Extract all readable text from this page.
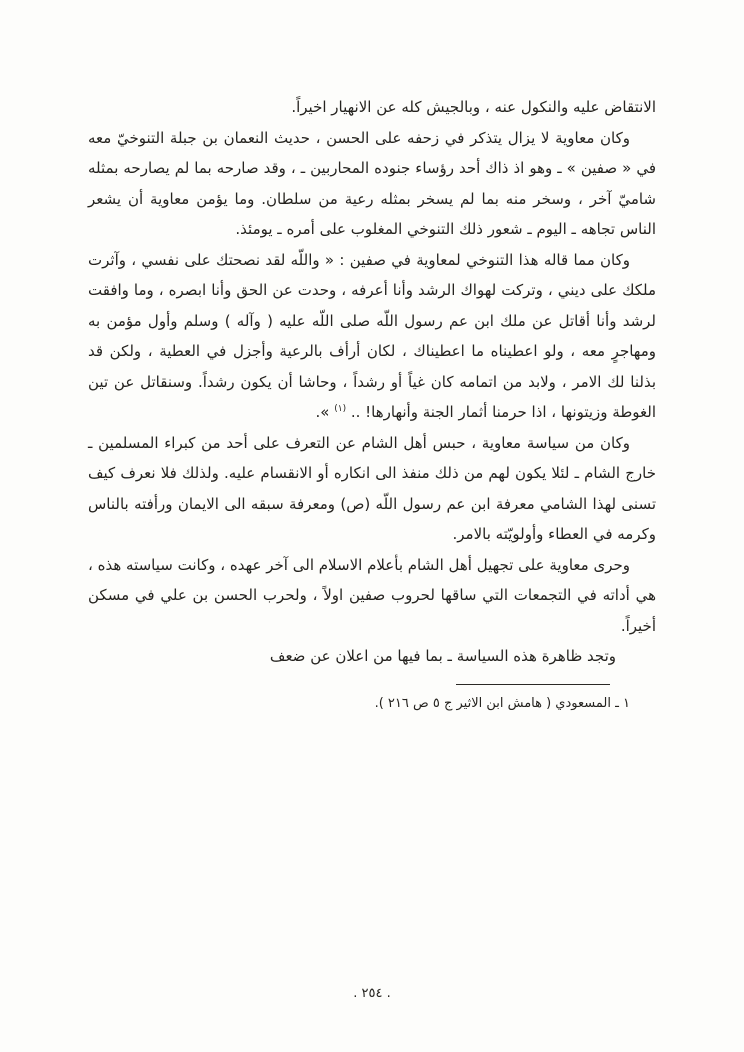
الانتقاض عليه والنكول عنه ، وبالجيش كله عن الانهيار اخيراً.

وكان معاوية لا يزال يتذكر في زحفه على الحسن ، حديث النعمان بن جبلة التنوخيّ معه في « صفين » ـ وهو اذ ذاك أحد رؤساء جنوده المحاربين ـ ، وقد صارحه بما لم يصارحه بمثله شاميّ آخر ، وسخر منه بما لم يسخر بمثله رعية من سلطان. وما يؤمن معاوية أن يشعر الناس تجاهه ـ اليوم ـ شعور ذلك التنوخي المغلوب على أمره ـ يومئذ.

وكان مما قاله هذا التنوخي لمعاوية في صفين : « واللّه لقد نصحتك على نفسي ، وآثرت ملكك على ديني ، وتركت لهواك الرشد وأنا أعرفه ، وحدت عن الحق وأنا ابصره ، وما وافقت لرشد وأنا أقاتل عن ملك ابن عم رسول اللّه صلى اللّه عليه ( وآله ) وسلم وأول مؤمن به ومهاجرٍ معه ، ولو اعطيناه ما اعطيناك ، لكان أرأف بالرعية وأجزل في العطية ، ولكن قد بذلنا لك الامر ، ولابد من اتمامه كان غياً أو رشداً ، وحاشا أن يكون رشداً. وسنقاتل عن تين الغوطة وزيتونها ، اذا حرمنا أثمار الجنة وأنهارها! .. $^{(١)}$ ».

وكان من سياسة معاوية ، حبس أهل الشام عن التعرف على أحد من كبراء المسلمين ـ خارج الشام ـ لئلا يكون لهم من ذلك منفذ الى انكاره أو الانقسام عليه. ولذلك فلا نعرف كيف تسنى لهذا الشامي معرفة ابن عم رسول اللّه (ص) ومعرفة سبقه الى الايمان ورأفته بالناس وكرمه في العطاء وأولويّته بالامر.

وحرى معاوية على تجهيل أهل الشام بأعلام الاسلام الى آخر عهده ، وكانت سياسته هذه ، هي أداته في التجمعات التي ساقها لحروب صفين اولاً ، ولحرب الحسن بن علي في مسكن أخيراً.

وتجد ظاهرة هذه السياسة ـ بما فيها من اعلان عن ضعف

١ ـ المسعودي ( هامش ابن الاثير ج ٥ ص ٢١٦ ).

. ٢٥٤ .
